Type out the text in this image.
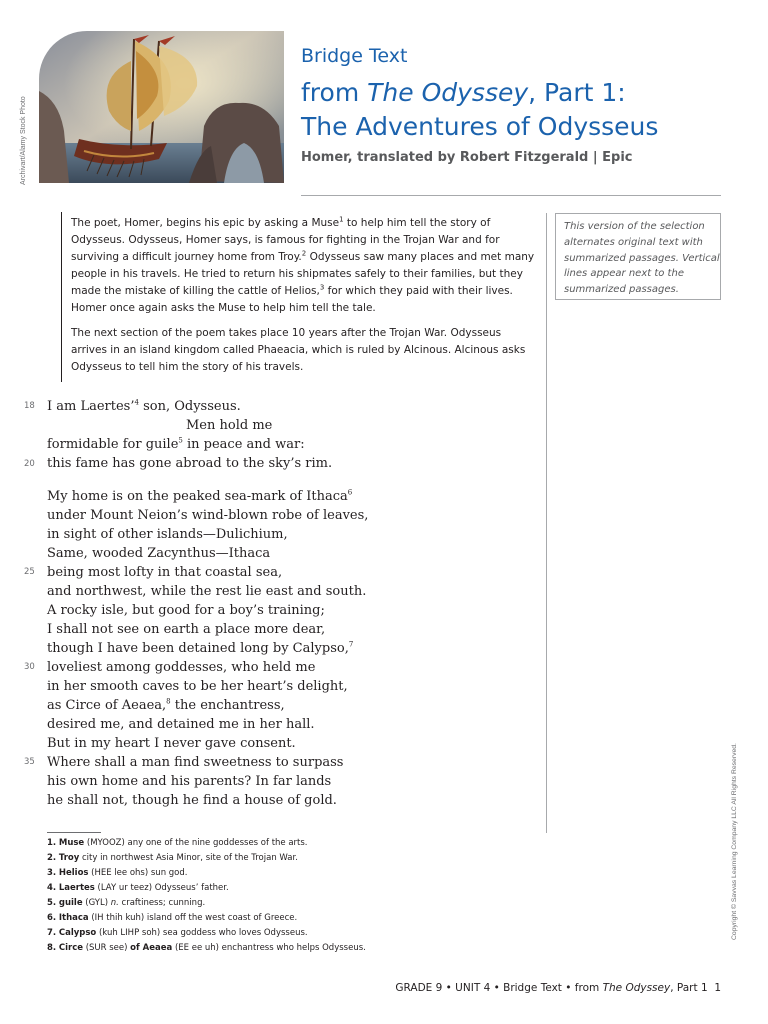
Archivart/Alamy Stock Photo
Bridge Text
from The Odyssey, Part 1:
The Adventures of Odysseus
Homer, translated by Robert Fitzgerald | Epic

The poet, Homer, begins his epic by asking a Muse$^1$ to help him tell the story of Odysseus. Odysseus, Homer says, is famous for fighting in the Trojan War and for surviving a difficult journey home from Troy.$^2$ Odysseus saw many places and met many people in his travels. He tried to return his shipmates safely to their families, but they made the mistake of killing the cattle of Helios,$^3$ for which they paid with their lives. Homer once again asks the Muse to help him tell the tale.

The next section of the poem takes place 10 years after the Trojan War. Odysseus arrives in an island kingdom called Phaeacia, which is ruled by Alcinous. Alcinous asks Odysseus to tell him the story of his travels.

This version of the selection alternates original text with summarized passages. Vertical lines appear next to the summarized passages.
18 I am Laertes’$^4$ son, Odysseus.
Men hold me
formidable for guile$^5$ in peace and war:
20 this fame has gone abroad to the sky’s rim.
My home is on the peaked sea-mark of Ithaca$^6$
under Mount Neion’s wind-blown robe of leaves,
in sight of other islands—Dulichium,
Same, wooded Zacynthus—Ithaca
25 being most lofty in that coastal sea,
and northwest, while the rest lie east and south.
A rocky isle, but good for a boy’s training;
I shall not see on earth a place more dear,
though I have been detained long by Calypso,$^7$
30 loveliest among goddesses, who held me
in her smooth caves to be her heart’s delight,
as Circe of Aeaea,$^8$ the enchantress,
desired me, and detained me in her hall.
But in my heart I never gave consent.
35 Where shall a man find sweetness to surpass
his own home and his parents? In far lands
he shall not, though he find a house of gold.
1. Muse (MYOOZ) any one of the nine goddesses of the arts.
2. Troy city in northwest Asia Minor, site of the Trojan War.
3. Helios (HEE lee ohs) sun god.
4. Laertes (LAY ur teez) Odysseus’ father.
5. guile (GYL) n. craftiness; cunning.
6. Ithaca (IH thih kuh) island off the west coast of Greece.
7. Calypso (kuh LIHP soh) sea goddess who loves Odysseus.
8. Circe (SUR see) of Aeaea (EE ee uh) enchantress who helps Odysseus.
Copyright © Savvas Learning Company LLC All Rights Reserved.
GRADE 9 • UNIT 4 • Bridge Text • from The Odyssey, Part 1 1
